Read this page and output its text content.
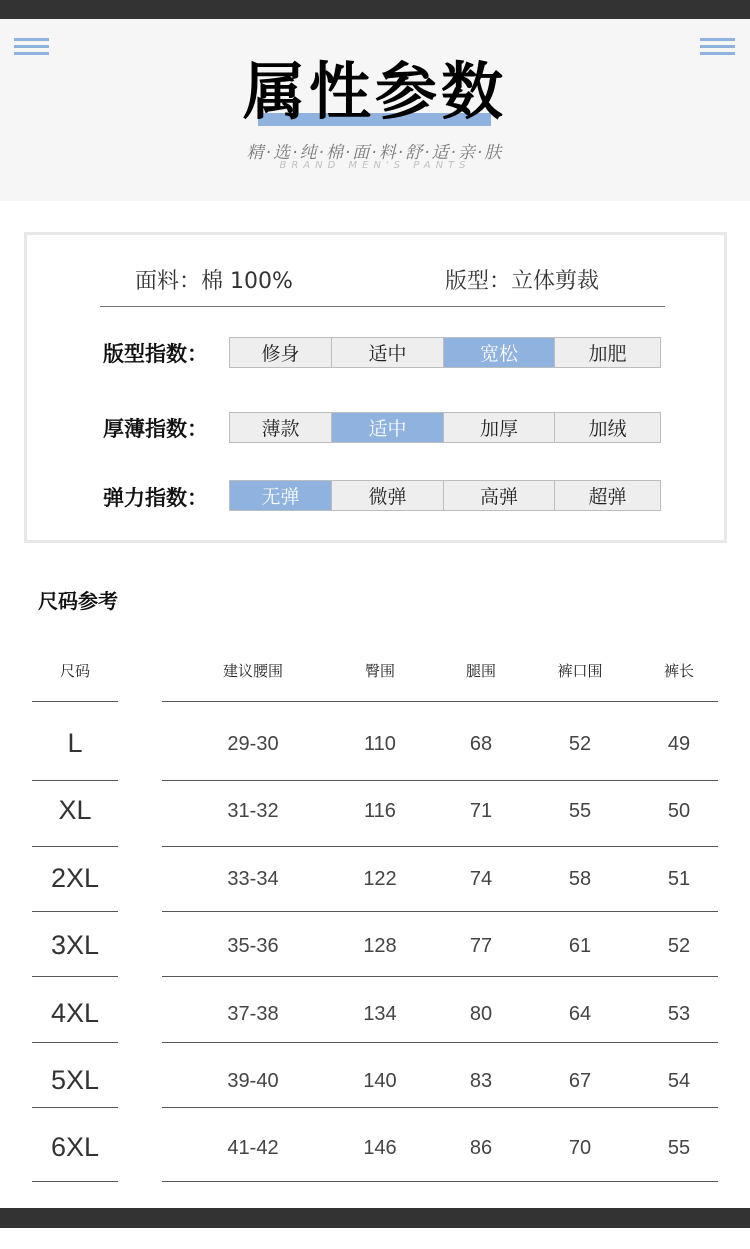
属性参数
精·选·纯·棉·面·料·舒·适·亲·肤
BRAND MEN'S PANTS
面料：棉 100%	版型：立体剪裁
版型指数：	修身	适中	宽松	加肥
厚薄指数：	薄款	适中	加厚	加绒
弹力指数：	无弹	微弹	高弹	超弹
尺码参考
尺码	建议腰围	臀围	腿围	裤口围	裤长
L	29-30	110	68	52	49
XL	31-32	116	71	55	50
2XL	33-34	122	74	58	51
3XL	35-36	128	77	61	52
4XL	37-38	134	80	64	53
5XL	39-40	140	83	67	54
6XL	41-42	146	86	70	55
